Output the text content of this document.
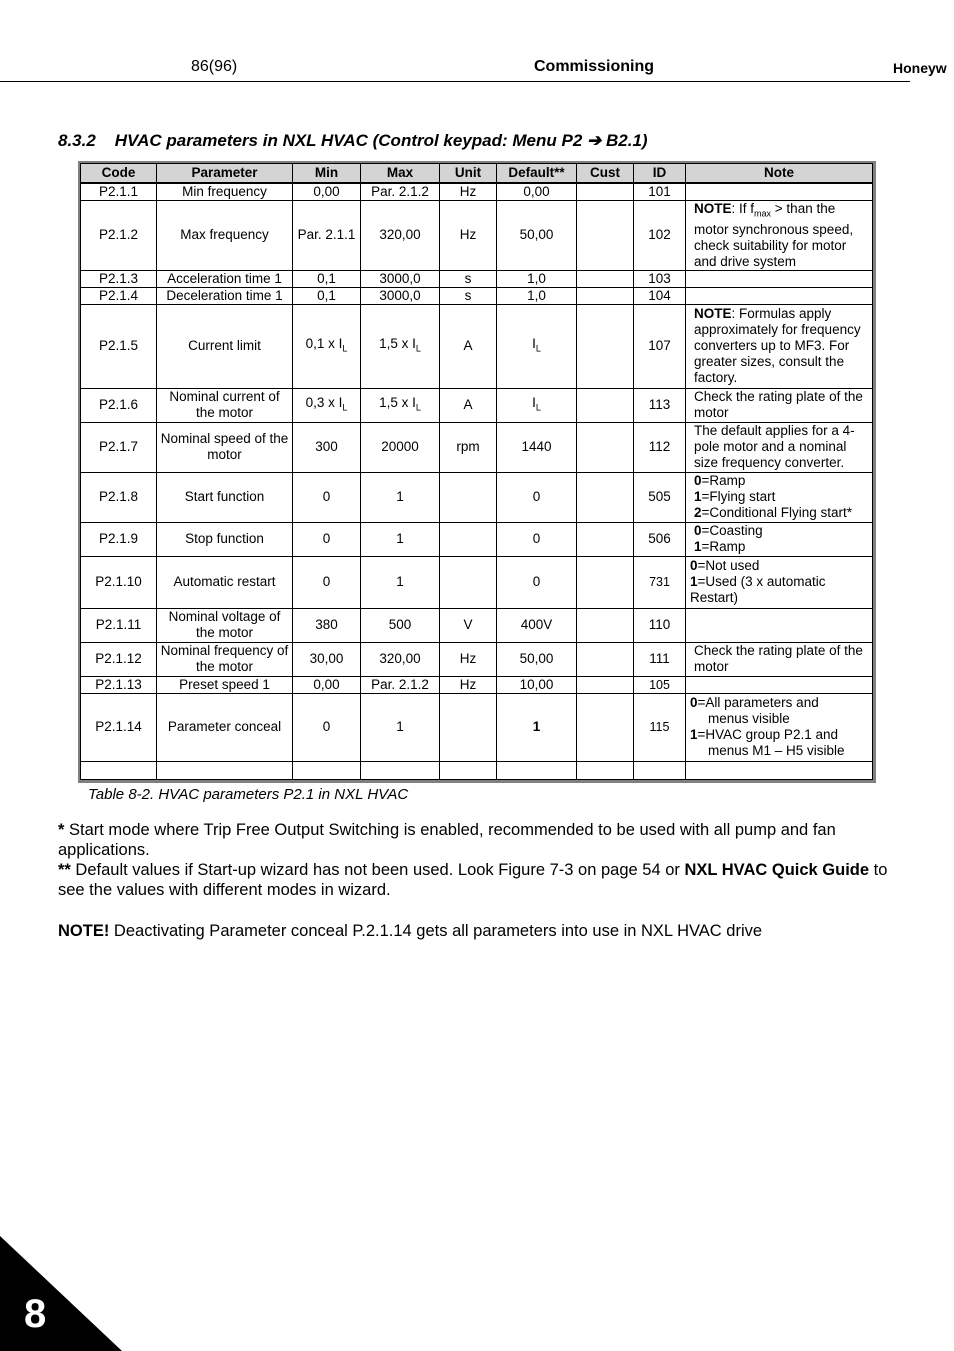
86(96)	Commissioning	Honeyw
8.3.2 HVAC parameters in NXL HVAC (Control keypad: Menu P2 ➔ B2.1)
Code	Parameter	Min	Max	Unit	Default**	Cust	ID	Note
P2.1.1	Min frequency	0,00	Par. 2.1.2	Hz	0,00		101	
P2.1.2	Max frequency	Par. 2.1.1	320,00	Hz	50,00		102	NOTE: If $f_{max}$ > than the motor synchronous speed, check suitability for motor and drive system
P2.1.3	Acceleration time 1	0,1	3000,0	s	1,0		103	
P2.1.4	Deceleration time 1	0,1	3000,0	s	1,0		104	
P2.1.5	Current limit	0,1 x $I_L$	1,5 x $I_L$	A	$I_L$		107	NOTE: Formulas apply approximately for frequency converters up to MF3. For greater sizes, consult the factory.
P2.1.6	Nominal current of the motor	0,3 x $I_L$	1,5 x $I_L$	A	$I_L$		113	Check the rating plate of the motor
P2.1.7	Nominal speed of the motor	300	20000	rpm	1440		112	The default applies for a 4-pole motor and a nominal size frequency converter.
P2.1.8	Start function	0	1		0		505	0=Ramp
1=Flying start
2=Conditional Flying start*

P2.1.9	Stop function	0	1		0		506	0=Coasting
1=Ramp

P2.1.10	Automatic restart	0	1		0		731	0=Not used
1=Used (3 x automatic Restart)

P2.1.11	Nominal voltage of the motor	380	500	V	400V		110	
P2.1.12	Nominal frequency of the motor	30,00	320,00	Hz	50,00		111	Check the rating plate of the motor
P2.1.13	Preset speed 1	0,00	Par. 2.1.2	Hz	10,00		105	
P2.1.14	Parameter conceal	0	1		1		115	0=All parameters and
menus visible
1=HVAC group P2.1 and
menus M1 – H5 visible

Table 8-2. HVAC parameters P2.1 in NXL HVAC
* Start mode where Trip Free Output Switching is enabled, recommended to be used with all pump and fan applications.
** Default values if Start-up wizard has not been used. Look Figure 7-3 on page 54 or NXL HVAC Quick Guide to see the values with different modes in wizard.
NOTE! Deactivating Parameter conceal P.2.1.14 gets all parameters into use in NXL HVAC drive
8
